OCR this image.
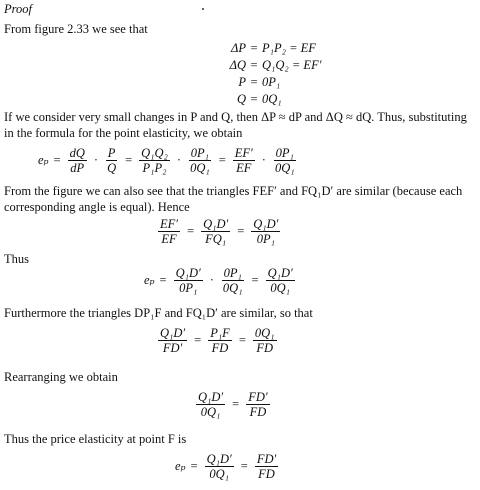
Proof
From figure 2.33 we see that
ΔP = P₁P₂ = EF
ΔQ = Q₁Q₂ = EF′
P = 0P₁
Q = 0Q₁
If we consider very small changes in P and Q, then ΔP ≈ dP and ΔQ ≈ dQ. Thus, substituting
in the formula for the point elasticity, we obtain
$e_p = \frac{dQ}{dP} \cdot \frac{P}{Q} = \frac{\text{Q₁Q₂}}{\text{P₁P₂}} \cdot \frac{\text{0P₁}}{\text{0Q₁}} = \frac{EF'}{EF} \cdot \frac{\text{0P₁}}{\text{0Q₁}}$
From the figure we can also see that the triangles FEF′ and FQ₁D′ are similar (because each
corresponding angle is equal). Hence
$\frac{EF'}{EF} = \frac{\text{Q₁D′}}{\text{FQ₁}} = \frac{\text{Q₁D′}}{\text{0P₁}}$
Thus
$e_p = \frac{\text{Q₁D′}}{\text{0P₁}} \cdot \frac{\text{0P₁}}{\text{0Q₁}} = \frac{\text{Q₁D′}}{\text{0Q₁}}$
Furthermore the triangles DP₁F and FQ₁D′ are similar, so that
$\frac{\text{Q₁D′}}{FD'} = \frac{\text{P₁F}}{FD} = \frac{\text{0Q₁}}{FD}$
Rearranging we obtain
$\frac{\text{Q₁D′}}{\text{0Q₁}} = \frac{FD'}{FD}$
Thus the price elasticity at point F is
$e_p = \frac{\text{Q₁D′}}{\text{0Q₁}} = \frac{FD'}{FD}$
